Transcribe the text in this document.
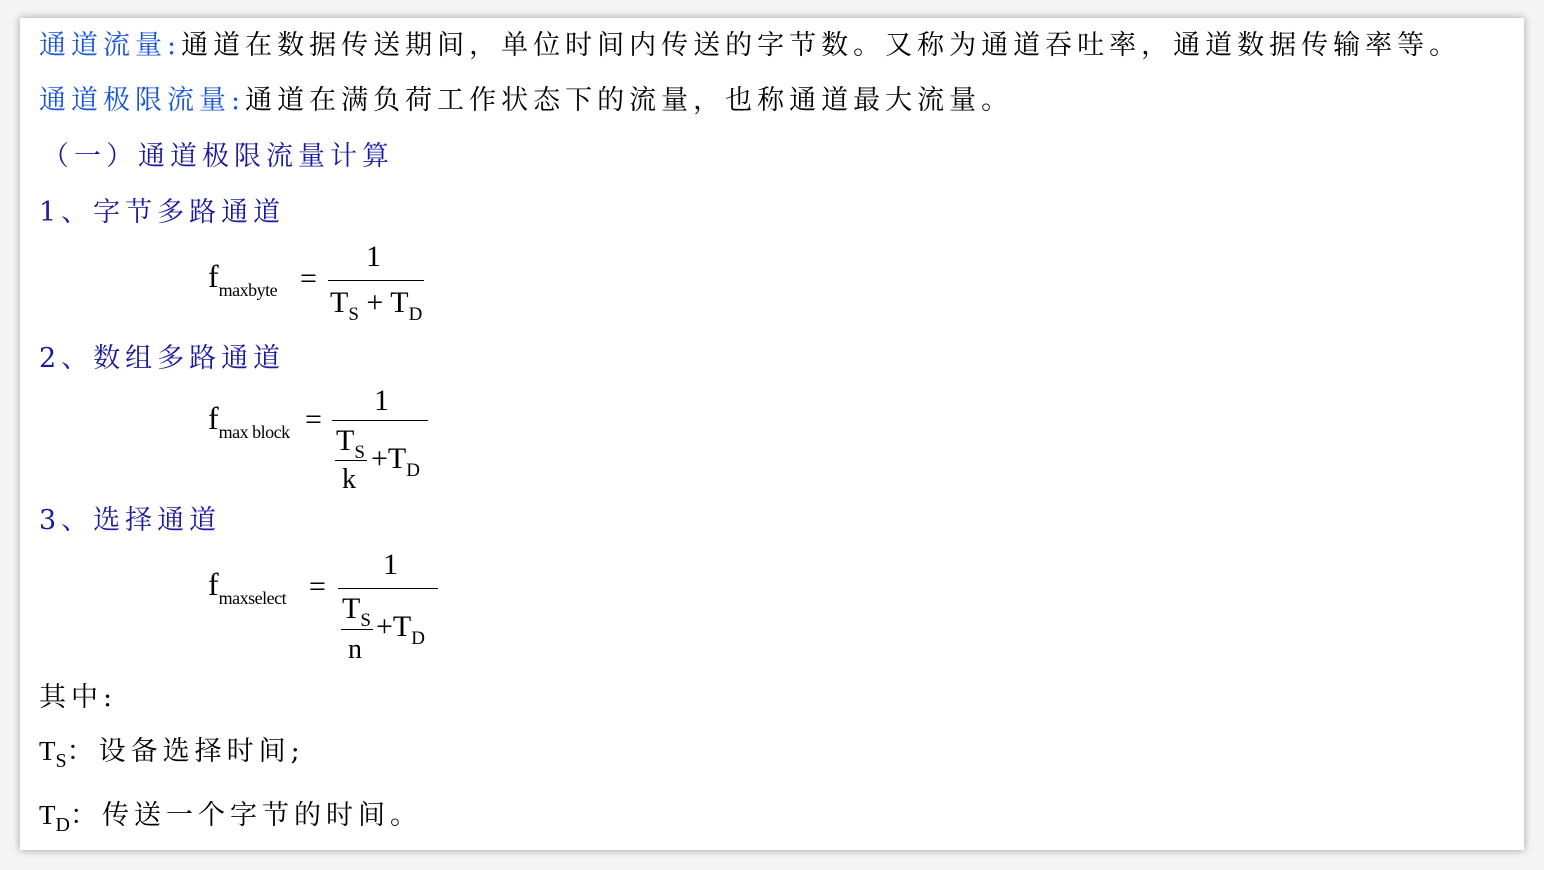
通道流量:通道在数据传送期间，单位时间内传送的字节数。又称为通道吞吐率，通道数据传输率等。
通道极限流量:通道在满负荷工作状态下的流量，也称通道最大流量。
（一）通道极限流量计算
1、字节多路通道
$f_{maxbyte}$ =
1
$T_S + T_D$
2、数组多路通道
$f_{max block}$ =
1
$T_S$
k
$+T_D$
3、选择通道
$f_{maxselect}$ =
1
$T_S$
n
$+T_D$
其中:
$T_S$：设备选择时间;
$T_D$：传送一个字节的时间。
